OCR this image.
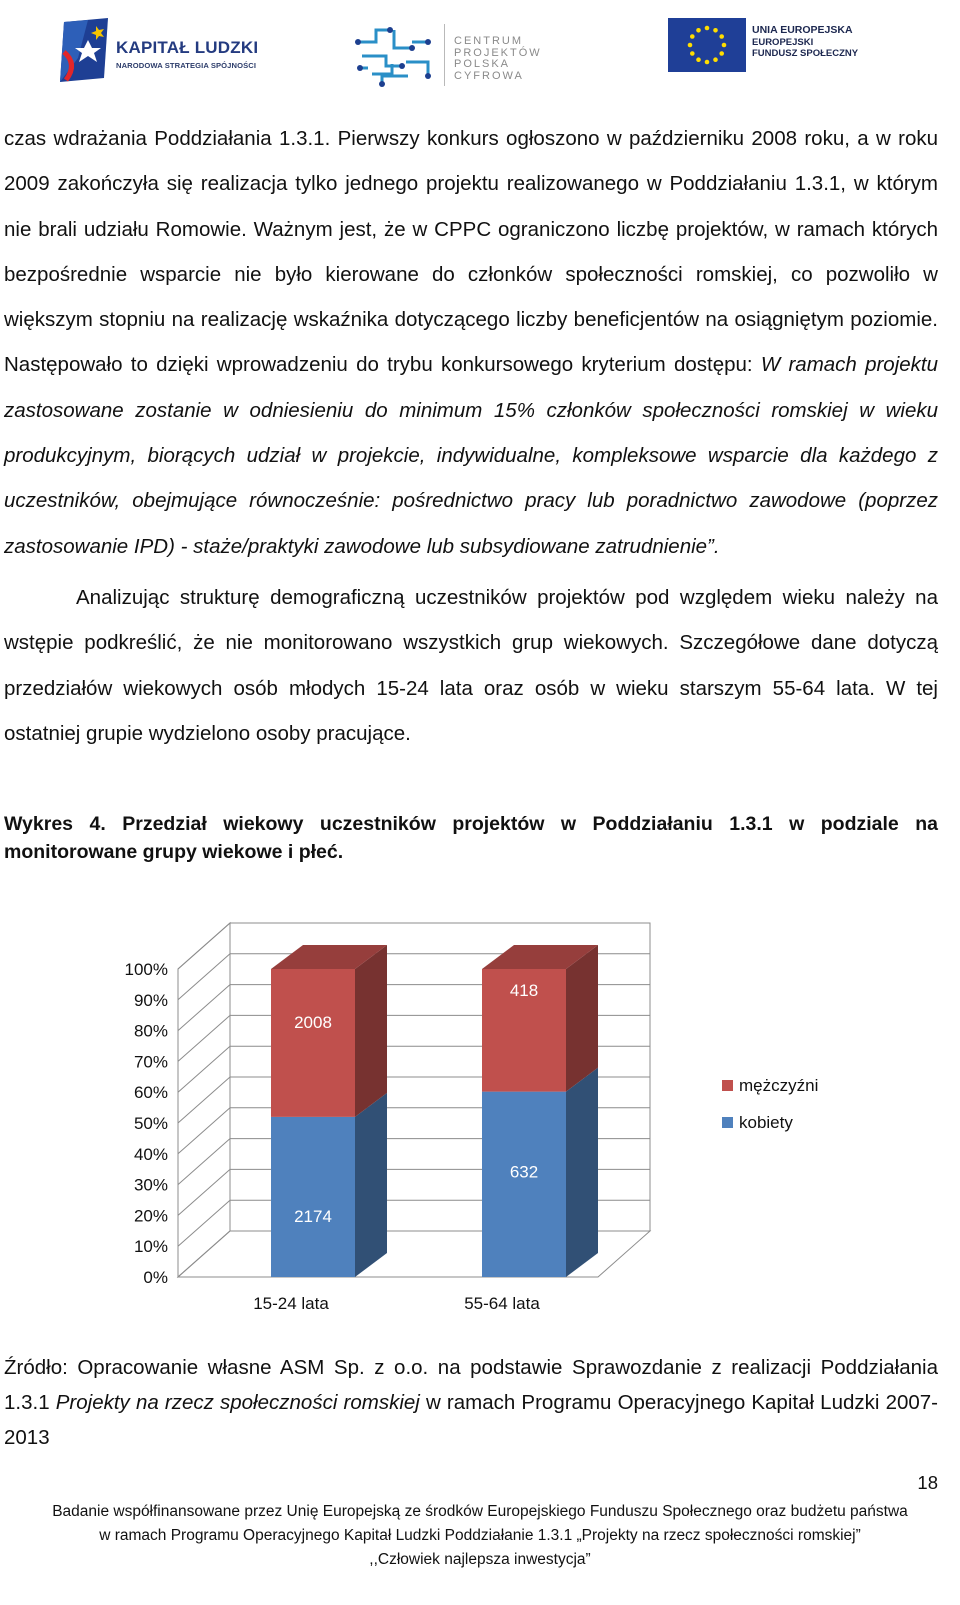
KAPITAŁ LUDZKI
NARODOWA STRATEGIA SPÓJNOŚCI
CENTRUM
PROJEKTÓW
POLSKA
CYFROWA
UNIA EUROPEJSKA
EUROPEJSKI
FUNDUSZ SPOŁECZNY

czas wdrażania Poddziałania 1.3.1. Pierwszy konkurs ogłoszono w październiku 2008 roku, a w roku 2009 zakończyła się realizacja tylko jednego projektu realizowanego w Poddziałaniu 1.3.1, w którym nie brali udziału Romowie. Ważnym jest, że w CPPC ograniczono liczbę projektów, w ramach których bezpośrednie wsparcie nie było kierowane do członków społeczności romskiej, co pozwoliło w większym stopniu na realizację wskaźnika dotyczącego liczby beneficjentów na osiągniętym poziomie. Następowało to dzięki wprowadzeniu do trybu konkursowego kryterium dostępu: W ramach projektu zastosowane zostanie w odniesieniu do minimum 15% członków społeczności romskiej w wieku produkcyjnym, biorących udział w projekcie, indywidualne, kompleksowe wsparcie dla każdego z uczestników, obejmujące równocześnie: pośrednictwo pracy lub poradnictwo zawodowe (poprzez zastosowanie IPD) - staże/praktyki zawodowe lub subsydiowane zatrudnienie”.

Analizując strukturę demograficzną uczestników projektów pod względem wieku należy na wstępie podkreślić, że nie monitorowano wszystkich grup wiekowych. Szczegółowe dane dotyczą przedziałów wiekowych osób młodych 15-24 lata oraz osób w wieku starszym 55-64 lata. W tej ostatniej grupie wydzielono osoby pracujące.

Wykres 4. Przedział wiekowy uczestników projektów w Poddziałaniu 1.3.1 w podziale na monitorowane grupy wiekowe i płeć.
0%
10%
20%
30%
40%
50%
60%
70%
80%
90%
100%
2174
2008
15-24 lata
632
418
55-64 lata
mężczyźni
kobiety
Źródło: Opracowanie własne ASM Sp. z o.o. na podstawie Sprawozdanie z realizacji Poddziałania 1.3.1 Projekty na rzecz społeczności romskiej w ramach Programu Operacyjnego Kapitał Ludzki 2007-2013
18
Badanie współfinansowane przez Unię Europejską ze środków Europejskiego Funduszu Społecznego oraz budżetu państwa
w ramach Programu Operacyjnego Kapitał Ludzki Poddziałanie 1.3.1 „Projekty na rzecz społeczności romskiej”
,,Człowiek najlepsza inwestycja”
